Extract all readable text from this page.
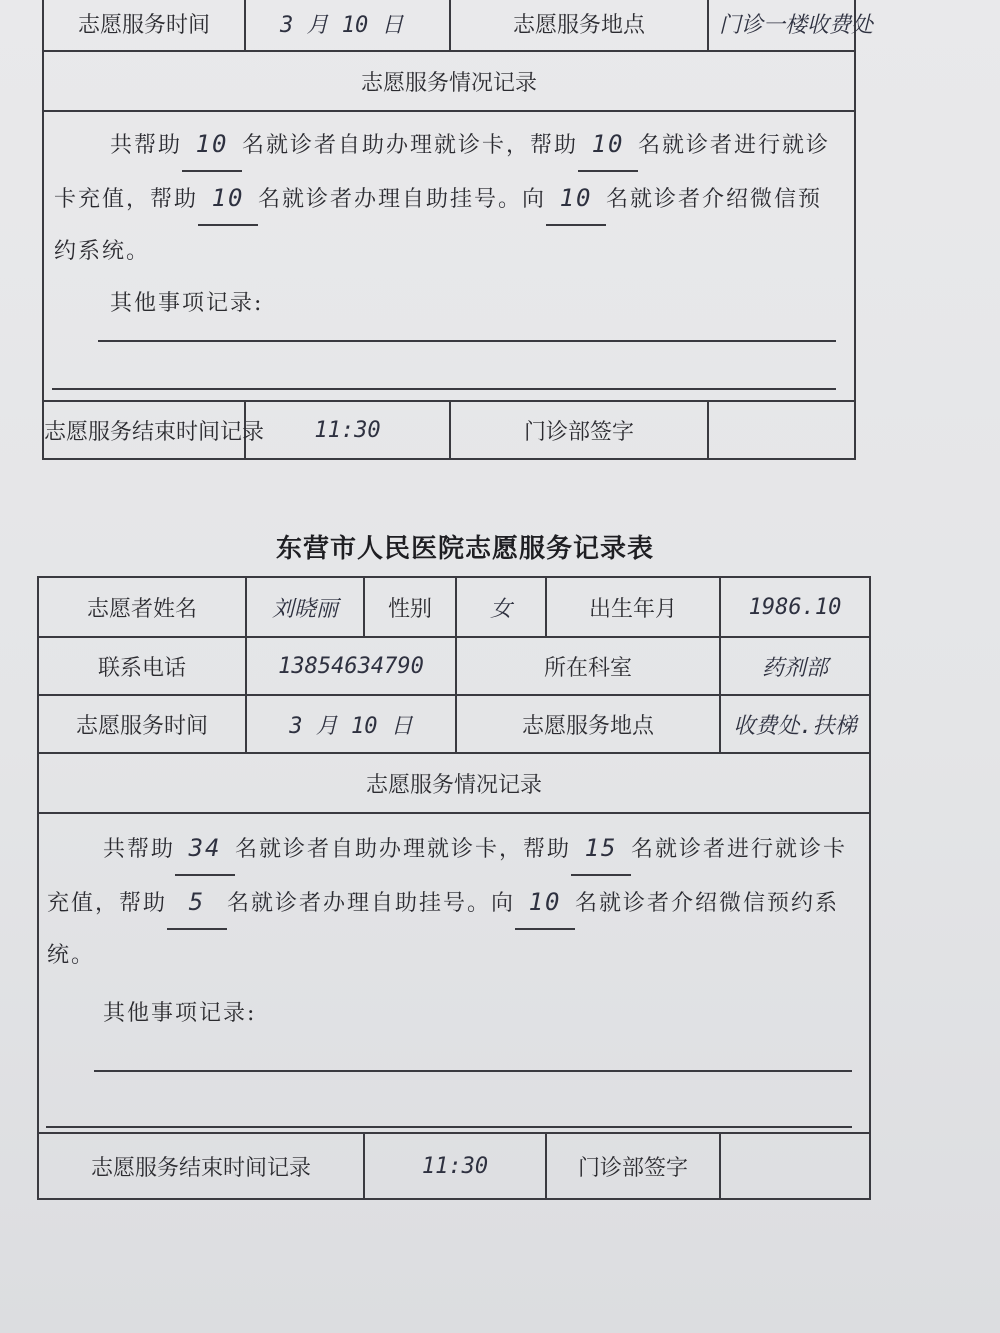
志愿服务时间	3 月 10 日	志愿服务地点	门诊一楼收费处
志愿服务情况记录			

共帮助 10 名就诊者自助办理就诊卡，帮助 10 名就诊者进行就诊卡充值，帮助 10 名就诊者办理自助挂号。向 10 名就诊者介绍微信预约系统。
其他事项记录:			

志愿服务结束时间记录	11:30	门诊部签字	
东营市人民医院志愿服务记录表
志愿者姓名	刘晓丽	性别	女	出生年月	1986.10
联系电话	13854634790		所在科室		药剂部
志愿服务时间	3 月 10 日		志愿服务地点		收费处.扶梯
志愿服务情况记录					

共帮助 34 名就诊者自助办理就诊卡，帮助 15 名就诊者进行就诊卡充值，帮助 5 名就诊者办理自助挂号。向 10 名就诊者介绍微信预约系统。
其他事项记录:					

志愿服务结束时间记录		11:30		门诊部签字	
